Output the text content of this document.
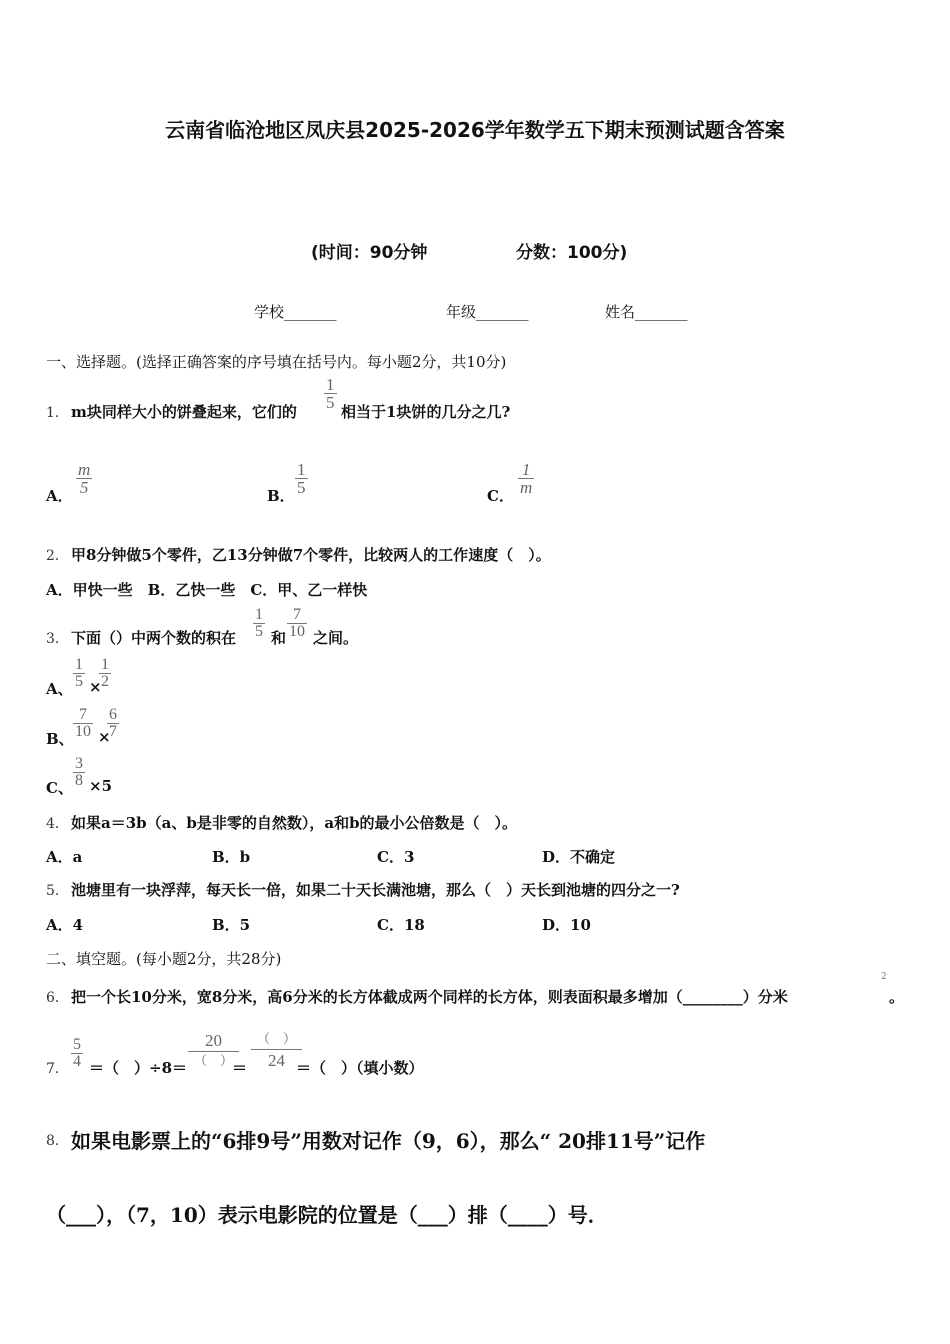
云南省临沧地区凤庆县2025-2026学年数学五下期末预测试题含答案
(时间：90分钟	分数：100分)
学校_______	年级_______	姓名_______
一、选择题。(选择正确答案的序号填在括号内。每小题2分，共10分)
1． m块同样大小的饼叠起来，它们的
$\frac{1}{5}$
相当于1块饼的几分之几?
A． $\frac{m}{5}$	B． $\frac{1}{5}$	C． $\frac{1}{m}$
2． 甲8分钟做5个零件，乙13分钟做7个零件，比较两人的工作速度（　）。
A．甲快一些　B．乙快一些　C．甲、乙一样快
3． 下面（）中两个数的积在 $\frac{1}{5}$ 和 $\frac{7}{10}$ 之间。
A、 $\frac{1}{5}$ ×
$\frac{1}{2}$
B、 $\frac{7}{10}$ ×
$\frac{6}{7}$
C、 $\frac{3}{8} \times 5$
4． 如果a＝3b（a、b是非零的自然数），a和b的最小公倍数是（　）。
A．a	B．b	C．3	D．不确定
5． 池塘里有一块浮萍，每天长一倍，如果二十天长满池塘，那么（　）天长到池塘的四分之一?
A．4	B．5	C．18	D．10
二、填空题。(每小题2分，共28分)
6． 把一个长10分米，宽8分米，高6分米的长方体截成两个同样的长方体，则表面积最多增加（________）分米
2
。
7． $\frac{5}{4}$ ＝（　）÷8＝
20
（　）
＝
（　）
24 ＝（　）（填小数）
8． 如果电影票上的“6排9号”用数对记作（9，6），那么“ 20排11号”记作
（___），（7，10）表示电影院的位置是（___）排（____）号．
